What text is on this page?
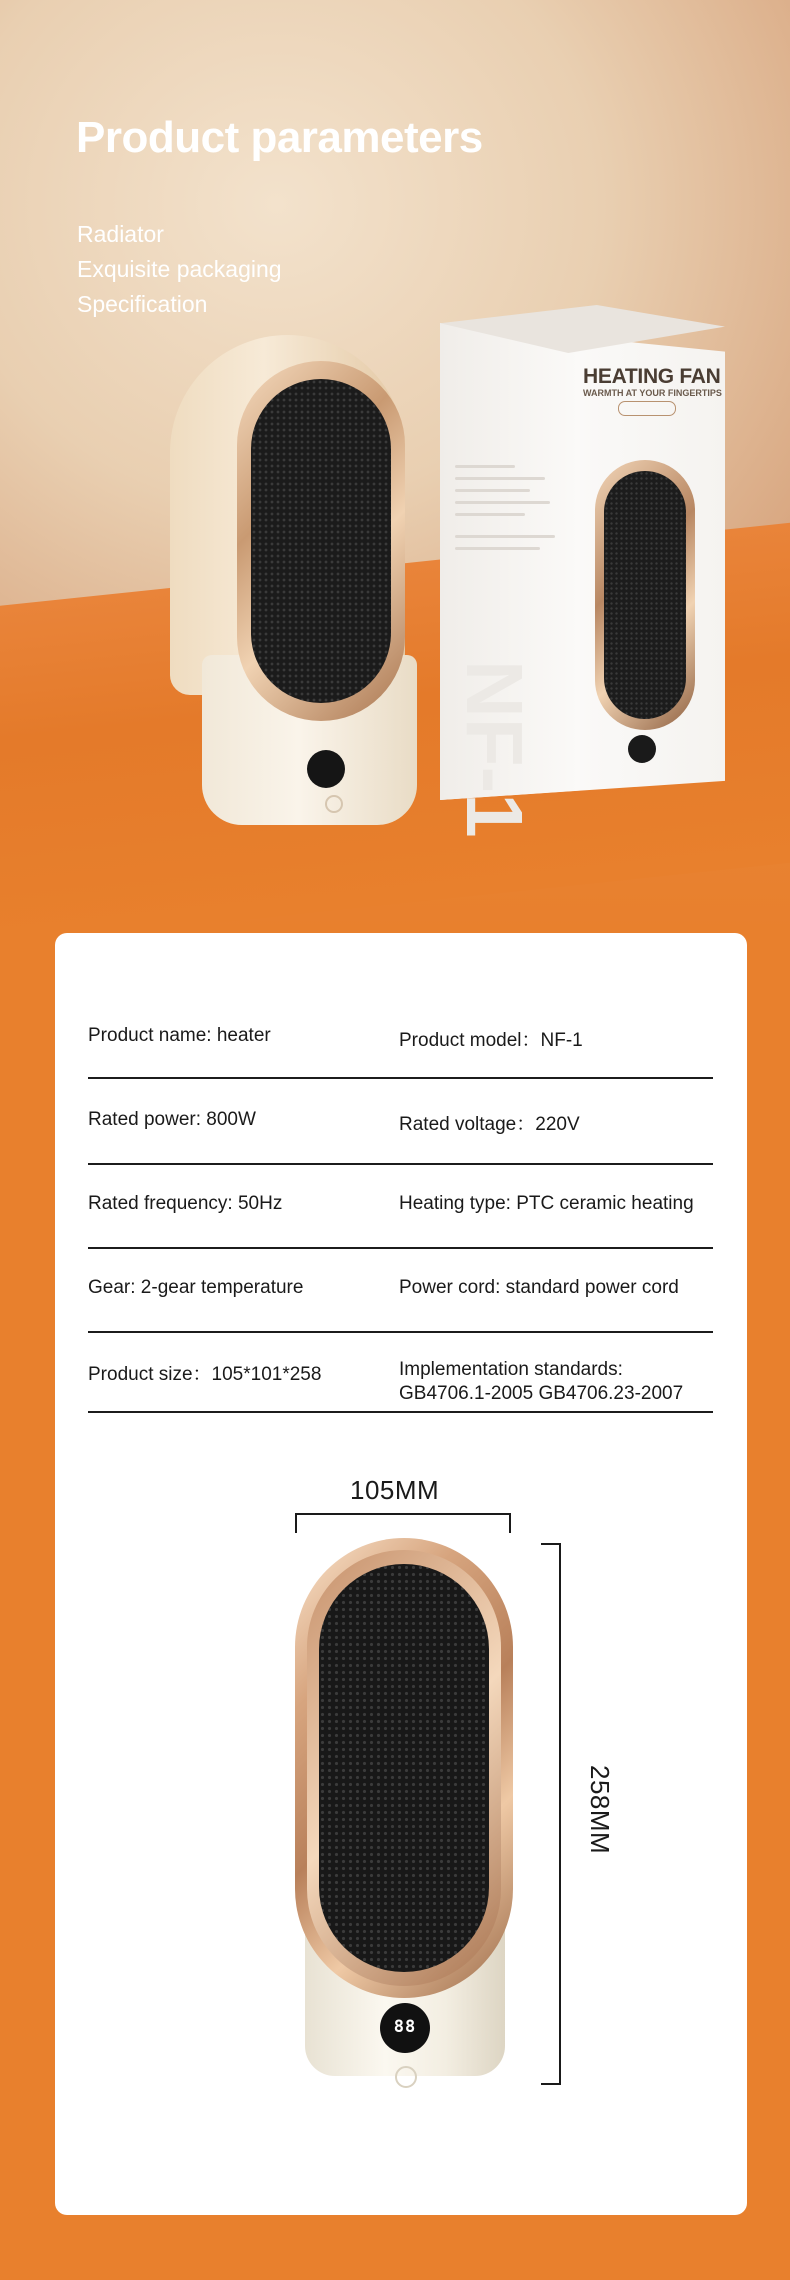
Product parameters

Radiator

Exquisite packaging

Specification

NF-1
HEATING FAN
WARMTH AT YOUR FINGERTIPS

Product name: heater	Product model：NF-1

Rated power: 800W	Rated voltage：220V

Rated frequency: 50Hz	Heating type: PTC ceramic heating

Gear: 2-gear temperature	Power cord: standard power cord

Product size：105*101*258	Implementation standards:

GB4706.1-2005 GB4706.23-2007

105MM

258MM

88
